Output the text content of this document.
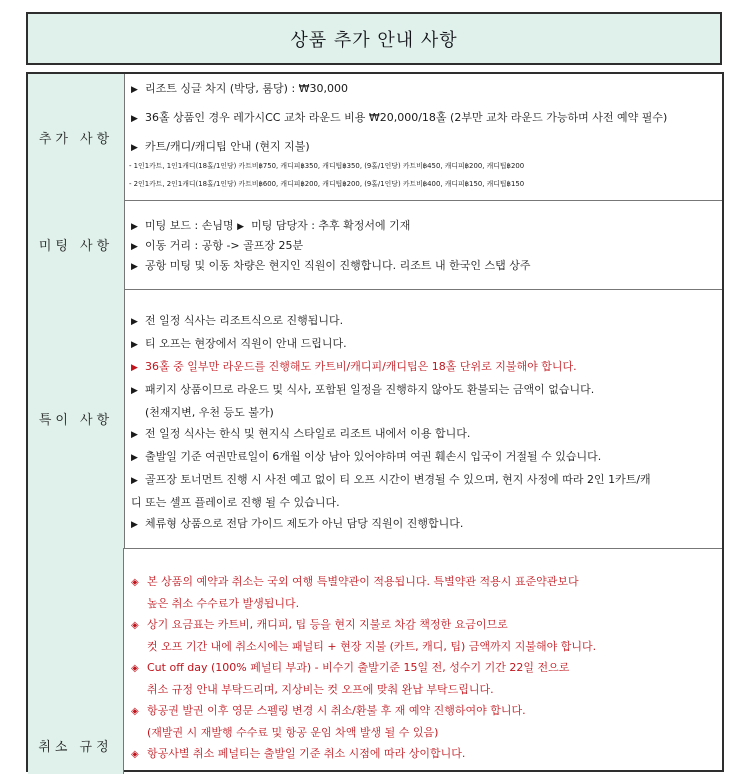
상품 추가 안내 사항
추가 사항
▶ 리조트 싱글 차지 (박당, 룸당) : ₩30,000
▶ 36홀 상품인 경우 레가시CC 교차 라운드 비용 ₩20,000/18홀 (2부만 교차 라운드 가능하며 사전 예약 필수)
▶ 카트/캐디/캐디팁 안내 (현지 지불)
- 1인1카트, 1인1캐디(18홀/1인당) 카트비฿750, 캐디피฿350, 캐디팁฿350, (9홀/1인당) 카트비฿450, 캐디피฿200, 캐디팁฿200
- 2인1카트, 2인1캐디(18홀/1인당) 카트비฿600, 캐디피฿200, 캐디팁฿200, (9홀/1인당) 카트비฿400, 캐디피฿150, 캐디팁฿150
미팅 사항
▶ 미팅 보드 : 손님명 ▶ 미팅 담당자 : 추후 확정서에 기재
▶ 이동 거리 : 공항 -> 골프장 25분
▶ 공항 미팅 및 이동 차량은 현지인 직원이 진행합니다. 리조트 내 한국인 스탭 상주
특이 사항
▶ 전 일정 식사는 리조트식으로 진행됩니다.
▶ 티 오프는 현장에서 직원이 안내 드립니다.
▶ 36홀 중 일부만 라운드를 진행해도 카트비/캐디피/캐디팁은 18홀 단위로 지불해야 합니다.
▶ 패키지 상품이므로 라운드 및 식사, 포함된 일정을 진행하지 않아도 환불되는 금액이 없습니다.
(천재지변, 우천 등도 불가)
▶ 전 일정 식사는 한식 및 현지식 스타일로 리조트 내에서 이용 합니다.
▶ 출발일 기준 여권만료일이 6개월 이상 남아 있어야하며 여권 훼손시 입국이 거절될 수 있습니다.
▶ 골프장 토너먼트 진행 시 사전 예고 없이 티 오프 시간이 변경될 수 있으며, 현지 사정에 따라 2인 1카트/캐
디 또는 셀프 플레이로 진행 될 수 있습니다.
▶ 체류형 상품으로 전담 가이드 제도가 아닌 담당 직원이 진행합니다.
취소 규정
◈ 본 상품의 예약과 취소는 국외 여행 특별약관이 적용됩니다. 특별약관 적용시 표준약관보다
높은 취소 수수료가 발생됩니다.
◈ 상기 요금표는 카트비, 캐디피, 팁 등을 현지 지불로 차감 책정한 요금이므로
컷 오프 기간 내에 취소시에는 패널티 + 현장 지불 (카트, 캐디, 팁) 금액까지 지불해야 합니다.
◈ Cut off day (100% 페널티 부과) - 비수기 출발기준 15일 전, 성수기 기간 22일 전으로
취소 규정 안내 부탁드리며, 지상비는 컷 오프에 맞춰 완납 부탁드립니다.
◈ 항공권 발권 이후 영문 스펠링 변경 시 취소/환불 후 재 예약 진행하여야 합니다.
(재발권 시 재발행 수수료 및 항공 운임 차액 발생 될 수 있음)
◈ 항공사별 취소 페널티는 출발일 기준 취소 시점에 따라 상이합니다.
